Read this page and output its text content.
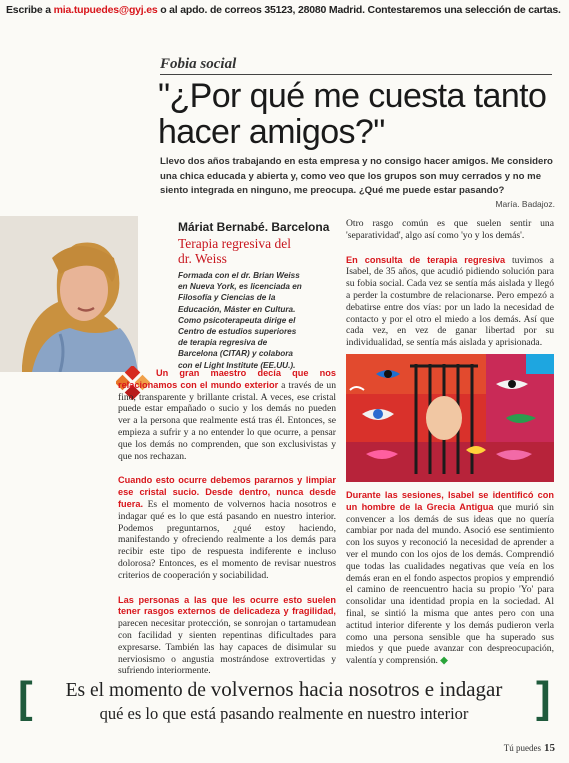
Escribe a mia.tupuedes@gyj.es o al apdo. de correos 35123, 28080 Madrid. Contestaremos una selección de cartas.
Fobia social
"¿Por qué me cuesta tanto hacer amigos?"
Llevo dos años trabajando en esta empresa y no consigo hacer amigos. Me considero una chica educada y abierta y, como veo que los grupos son muy cerrados y no me siento integrada en ninguno, me preocupa. ¿Qué me puede estar pasando?
María. Badajoz.
Máriat Bernabé. Barcelona
Terapia regresiva del dr. Weiss
Formada con el dr. Brian Weiss en Nueva York, es licenciada en Filosofía y Ciencias de la Educación, Máster en Cultura. Como psicoterapeuta dirige el Centro de estudios superiores de terapia regresiva de Barcelona (CITAR) y colabora con el Light Institute (EE.UU.).

Un gran maestro decía que nos relacionamos con el mundo exterior a través de un fino, transparente y brillante cristal. A veces, ese cristal puede estar empañado o sucio y los demás no pueden ver a la persona que realmente está tras él. Entonces, se empieza a sufrir y a no entender lo que ocurre, a pensar que los demás no comprenden, que son exclusivistas y que nos rechazan.

Cuando esto ocurre debemos pararnos y limpiar ese cristal sucio. Desde dentro, nunca desde fuera. Es el momento de volvernos hacia nosotros e indagar qué es lo que está pasando en nuestro interior. Podemos preguntarnos, ¿qué estoy haciendo, manifestando y ofreciendo realmente a los demás para recibir este tipo de respuesta indiferente e incluso dolorosa? Entonces, es el momento de revisar nuestros criterios de cooperación y sociabilidad.

Las personas a las que les ocurre esto suelen tener rasgos externos de delicadeza y fragilidad, parecen necesitar protección, se sonrojan o tartamudean con facilidad y sienten repentinas dificultades para expresarse. También las hay capaces de disimular su nerviosismo o angustia mostrándose extrovertidas y sufriendo interiormente.

Otro rasgo común es que suelen sentir una 'separatividad', algo así como 'yo y los demás'.

En consulta de terapia regresiva tuvimos a Isabel, de 35 años, que acudió pidiendo solución para su fobia social. Cada vez se sentía más aislada y llegó a perder la costumbre de relacionarse. Pero empezó a debatirse entre dos vías: por un lado la necesidad de contacto y por el otro el miedo a los demás. Así que cada vez, en vez de ganar libertad por su individualidad, se sentía más aislada y aprisionada.

Durante las sesiones, Isabel se identificó con un hombre de la Grecia Antigua que murió sin convencer a los demás de sus ideas que no quería cambiar por nada del mundo. Asoció ese sentimiento con los suyos y reconoció la necesidad de aprender a ver el mundo con los ojos de los demás. Comprendió que todas las cualidades negativas que veía en los demás eran en el fondo aspectos propios y emprendió el camino de reencuentro hacia su propio 'Yo' para consolidar una identidad propia en la sociedad. Al final, se sintió la misma que antes pero con una actitud interior diferente y los demás pudieron verla como una persona sensible que ha superado sus miedos y que puede avanzar con despreocupación, valentía y comprensión. ◆

[	]
Es el momento de volvernos hacia nosotros e indagar
qué es lo que está pasando realmente en nuestro interior
Tú puedes 15
